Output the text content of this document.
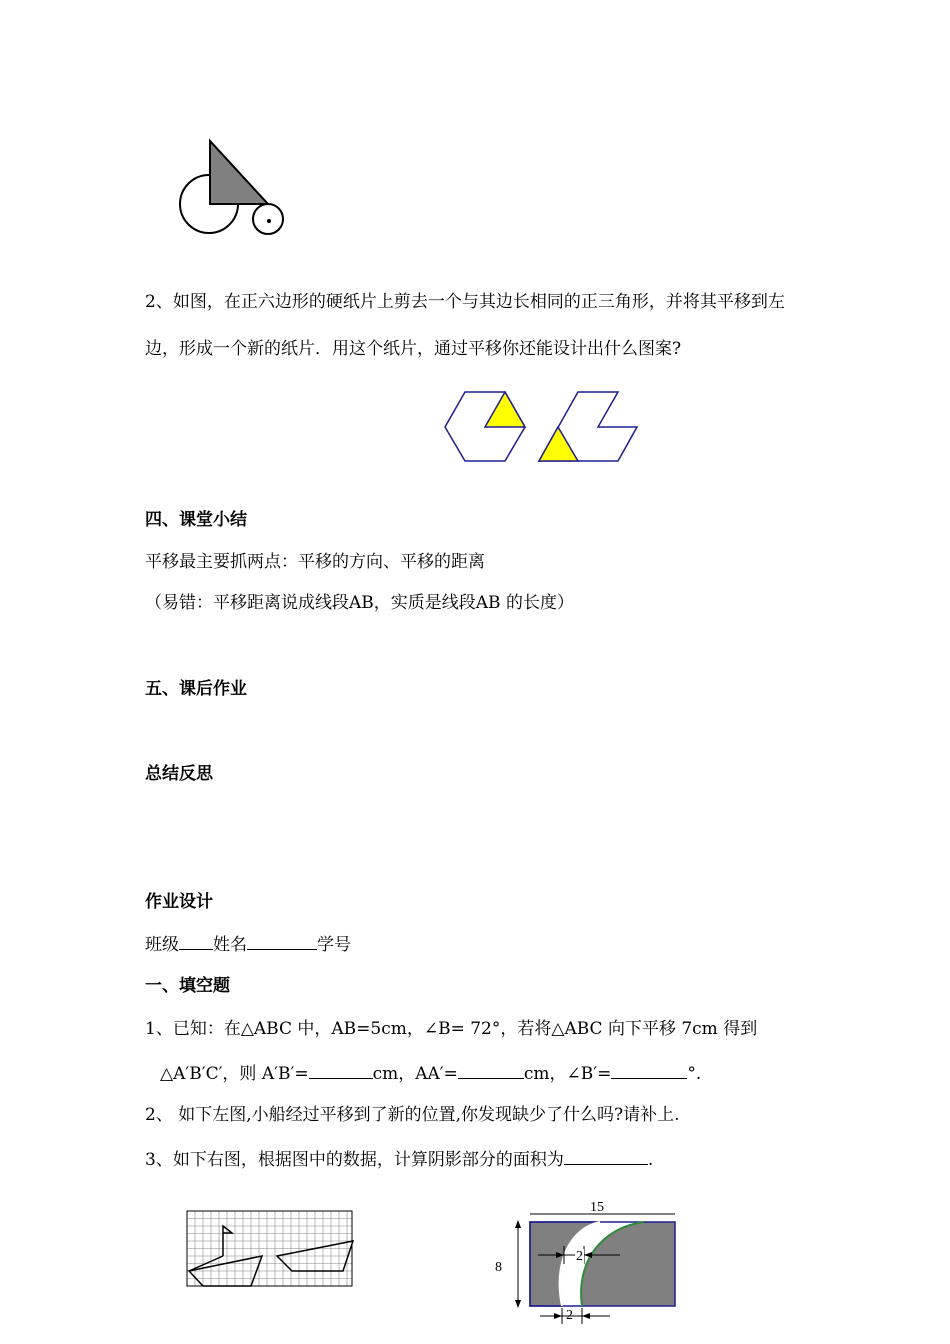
2、如图，在正六边形的硬纸片上剪去一个与其边长相同的正三角形，并将其平移到左
边，形成一个新的纸片．用这个纸片，通过平移你还能设计出什么图案?
四、课堂小结
平移最主要抓两点：平移的方向、平移的距离
（易错：平移距离说成线段AB，实质是线段AB 的长度）
五、课后作业
总结反思
作业设计
班级 姓名	学号
一、填空题
1、已知：在△ABC 中，AB=5cm，∠B= 72°，若将△ABC 向下平移 7cm 得到
△A′B′C′，则 A′B′=	cm，AA′=	cm，∠B′=	°.
2、 如下左图,小船经过平移到了新的位置,你发现缺少了什么吗?请补上.
3、如下右图，根据图中的数据，计算阴影部分的面积为	.
15
8
2
2
